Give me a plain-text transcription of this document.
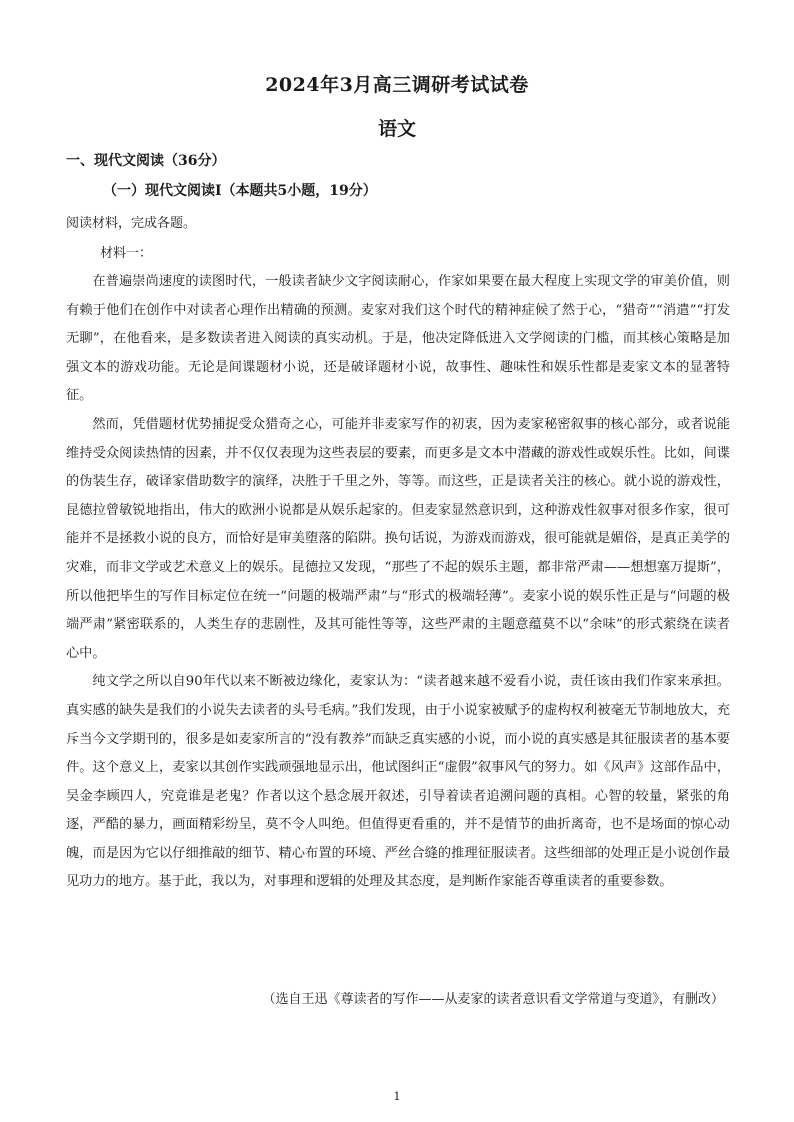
2024年3月高三调研考试试卷
语文
一、现代文阅读（36分）
（一）现代文阅读Ⅰ（本题共5小题，19分）
阅读材料，完成各题。
材料一：

在普遍崇尚速度的读图时代，一般读者缺少文字阅读耐心，作家如果要在最大程度上实现文学的审美价值，则有赖于他们在创作中对读者心理作出精确的预测。麦家对我们这个时代的精神症候了然于心，“猎奇”“消遣”“打发无聊”，在他看来，是多数读者进入阅读的真实动机。于是，他决定降低进入文学阅读的门槛，而其核心策略是加强文本的游戏功能。无论是间谍题材小说，还是破译题材小说，故事性、趣味性和娱乐性都是麦家文本的显著特征。

然而，凭借题材优势捕捉受众猎奇之心，可能并非麦家写作的初衷，因为麦家秘密叙事的核心部分，或者说能维持受众阅读热情的因素，并不仅仅表现为这些表层的要素，而更多是文本中潜藏的游戏性或娱乐性。比如，间谍的伪装生存，破译家借助数字的演绎，决胜于千里之外，等等。而这些，正是读者关注的核心。就小说的游戏性，昆德拉曾敏锐地指出，伟大的欧洲小说都是从娱乐起家的。但麦家显然意识到，这种游戏性叙事对很多作家，很可能并不是拯救小说的良方，而恰好是审美堕落的陷阱。换句话说，为游戏而游戏，很可能就是媚俗，是真正美学的灾难，而非文学或艺术意义上的娱乐。昆德拉又发现，“那些了不起的娱乐主题，都非常严肃——想想塞万提斯”，所以他把毕生的写作目标定位在统一“问题的极端严肃”与“形式的极端轻薄”。麦家小说的娱乐性正是与“问题的极端严肃”紧密联系的，人类生存的悲剧性，及其可能性等等，这些严肃的主题意蕴莫不以“余味”的形式萦绕在读者心中。

纯文学之所以自90年代以来不断被边缘化，麦家认为：“读者越来越不爱看小说，责任该由我们作家来承担。真实感的缺失是我们的小说失去读者的头号毛病。”我们发现，由于小说家被赋予的虚构权利被毫无节制地放大，充斥当今文学期刊的，很多是如麦家所言的“没有教养”而缺乏真实感的小说，而小说的真实感是其征服读者的基本要件。这个意义上，麦家以其创作实践顽强地显示出，他试图纠正“虚假”叙事风气的努力。如《风声》这部作品中，吴金李顾四人，究竟谁是老鬼？作者以这个悬念展开叙述，引导着读者追溯问题的真相。心智的较量，紧张的角逐，严酷的暴力，画面精彩纷呈，莫不令人叫绝。但值得更看重的，并不是情节的曲折离奇，也不是场面的惊心动魄，而是因为它以仔细推敲的细节、精心布置的环境、严丝合缝的推理征服读者。这些细部的处理正是小说创作最见功力的地方。基于此，我以为，对事理和逻辑的处理及其态度，是判断作家能否尊重读者的重要参数。

（选自王迅《尊读者的写作——从麦家的读者意识看文学常道与变道》，有删改）
1
